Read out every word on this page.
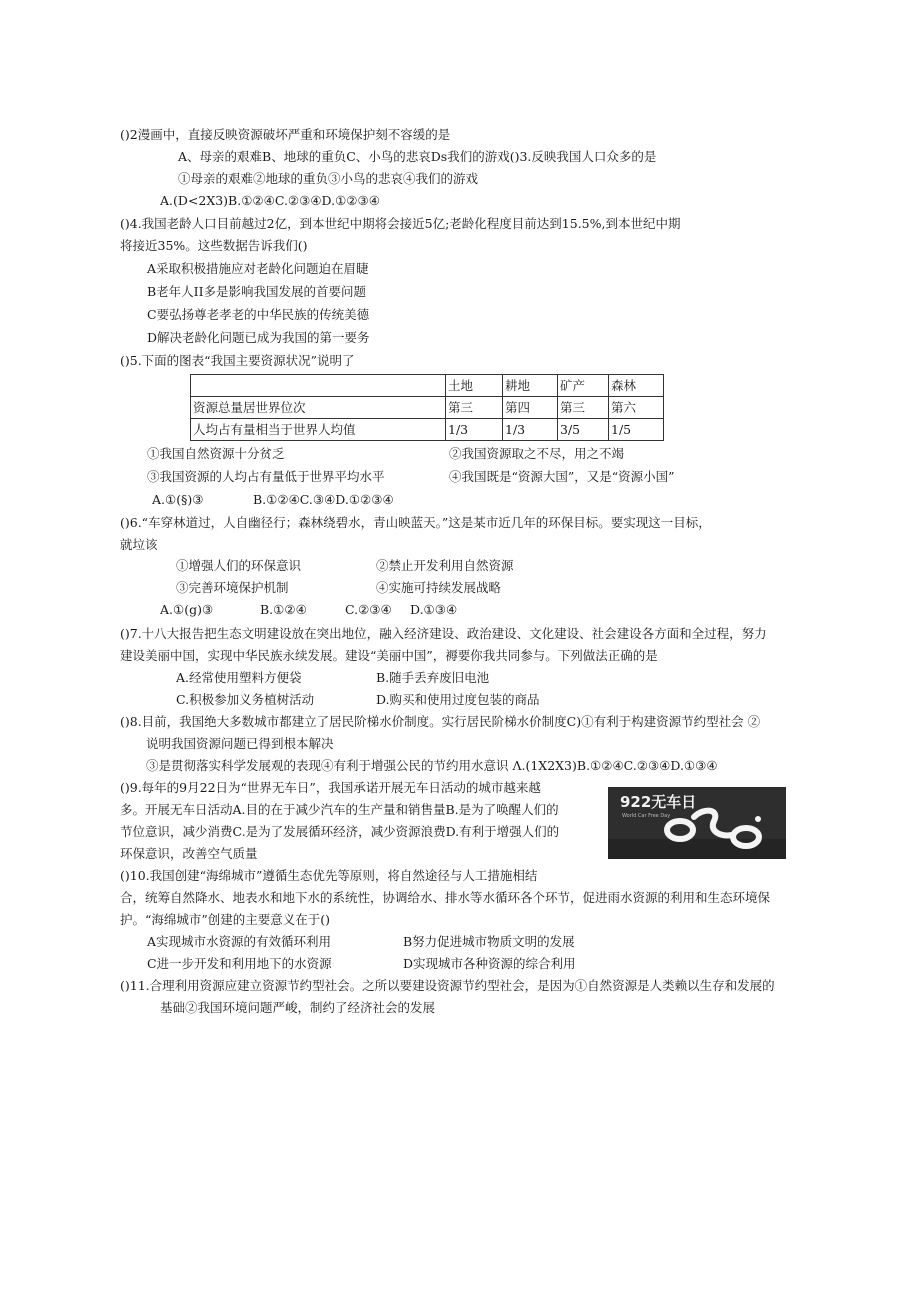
()2漫画中，直接反映资源破坏严重和环境保护刻不容缓的是
A、母亲的艰难B、地球的重负C、小鸟的悲哀Ds我们的游戏()3.反映我国人口众多的是
①母亲的艰难②地球的重负③小鸟的悲哀④我们的游戏
A.(D<2X3)B.①②④C.②③④D.①②③④
()4.我国老龄人口目前越过2亿，到本世纪中期将会接近5亿;老龄化程度目前达到15.5%,到本世纪中期
将接近35%。这些数据告诉我们()
A采取积极措施应对老龄化问题迫在眉睫
B老年人II多是影响我国发展的首要问题
C要弘扬尊老孝老的中华民族的传统美德
D解决老龄化问题已成为我国的第一要务
()5.下面的图表“我国主要资源状况”说明了
	土地	耕地	矿产	森林
资源总量居世界位次	第三	第四	第三	第六
人均占有量相当于世界人均值	1/3	1/3	3/5	1/5
①我国自然资源十分贫乏	②我国资源取之不尽，用之不竭
③我国资源的人均占有量低于世界平均水平	④我国既是“资源大国”，又是“资源小国”
A.①(§)③	B.①②④C.③④D.①②③④
()6.“车穿林道过，人自幽径行；森林绕碧水，青山映蓝天。”这是某市近几年的环保目标。要实现这一目标，
就垃该
①增强人们的环保意识	②禁止开发利用自然资源
③完善环境保护机制	④实施可持续发展战略
A.①(g)③	B.①②④	C.②③④ D.①③④
()7.十八大报告把生态文明建设放在突出地位，融入经济建设、政治建设、文化建设、社会建设各方面和全过程，努力
建设美丽中国，实现中华民族永续发展。建设“美丽中国”，褥要你我共同参与。下列做法正确的是
A.经常使用塑料方便袋	B.随手丢弃废旧电池
C.积极参加义务植树活动	D.购买和使用过度包装的商品
()8.目前，我国绝大多数城市都建立了居民阶梯水价制度。实行居民阶梯水价制度C)①有利于构建资源节约型社会 ②
说明我国资源问题已得到根本解决
③是贯彻落实科学发展观的表现④有利于增强公民的节约用水意识 Λ.(1X2X3)B.①②④C.②③④D.①③④
()9.每年的9月22日为“世界无车日”，我国承诺开展无车日活动的城市越来越
多。开展无车日活动A.目的在于减少汽车的生产量和销售量B.是为了唤醒人们的
节位意识，减少消费C.是为了发展循环经济，减少资源浪费D.有利于增强人们的
环保意识，改善空气质量
922无车日
World Car Free Day
()10.我国创建“海绵城市”遵循生态优先等原则，将自然途径与人工措施相结
合，统筹自然降水、地表水和地下水的系统性，协调给水、排水等水循环各个环节，促进雨水资源的利用和生态环境保
护。“海绵城市”创建的主要意义在于()
A实现城市水资源的有效循环利用	B努力促进城市物质文明的发展
C进一步开发和利用地下的水资源	D实现城市各种资源的综合利用
()11.合理利用资源应建立资源节约型社会。之所以要建设资源节约型社会，是因为①自然资源是人类赖以生存和发展的
基础②我国环境问题严峻，制约了经济社会的发展
